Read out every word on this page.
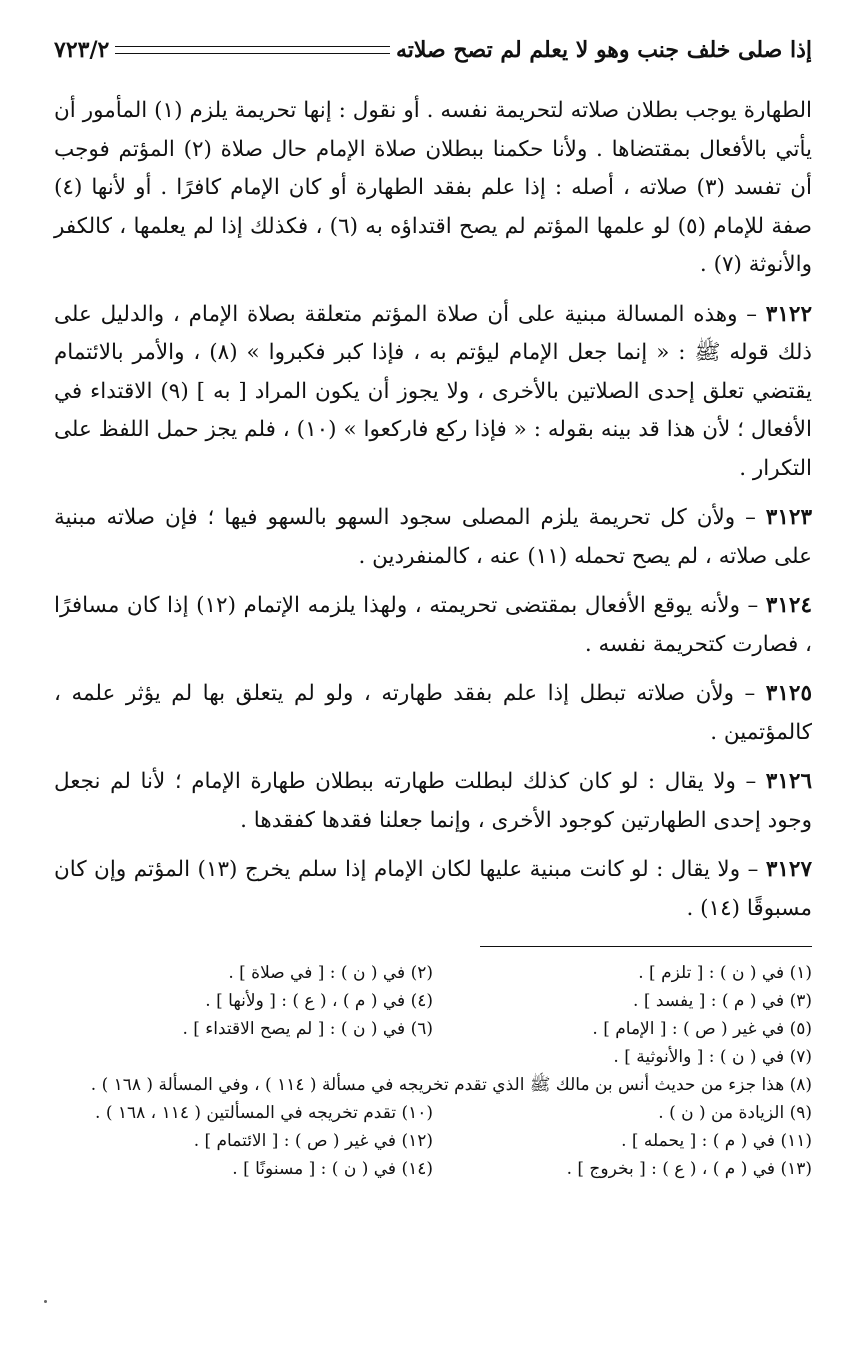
إذا صلى خلف جنب وهو لا يعلم لم تصح صلاته
٧٢٣/٢

الطهارة يوجب بطلان صلاته لتحريمة نفسه . أو نقول : إنها تحريمة يلزم (١) المأمور أن يأتي بالأفعال بمقتضاها . ولأنا حكمنا ببطلان صلاة الإمام حال صلاة (٢) المؤتم فوجب أن تفسد (٣) صلاته ، أصله : إذا علم بفقد الطهارة أو كان الإمام كافرًا . أو لأنها (٤) صفة للإمام (٥) لو علمها المؤتم لم يصح اقتداؤه به (٦) ، فكذلك إذا لم يعلمها ، كالكفر والأنوثة (٧) .

٣١٢٢ – وهذه المسالة مبنية على أن صلاة المؤتم متعلقة بصلاة الإمام ، والدليل على ذلك قوله ﷺ : « إنما جعل الإمام ليؤتم به ، فإذا كبر فكبروا » (٨) ، والأمر بالائتمام يقتضي تعلق إحدى الصلاتين بالأخرى ، ولا يجوز أن يكون المراد [ به ] (٩) الاقتداء في الأفعال ؛ لأن هذا قد بينه بقوله : « فإذا ركع فاركعوا » (١٠) ، فلم يجز حمل اللفظ على التكرار .

٣١٢٣ – ولأن كل تحريمة يلزم المصلى سجود السهو بالسهو فيها ؛ فإن صلاته مبنية على صلاته ، لم يصح تحمله (١١) عنه ، كالمنفردين .

٣١٢٤ – ولأنه يوقع الأفعال بمقتضى تحريمته ، ولهذا يلزمه الإتمام (١٢) إذا كان مسافرًا ، فصارت كتحريمة نفسه .

٣١٢٥ – ولأن صلاته تبطل إذا علم بفقد طهارته ، ولو لم يتعلق بها لم يؤثر علمه ، كالمؤتمين .

٣١٢٦ – ولا يقال : لو كان كذلك لبطلت طهارته ببطلان طهارة الإمام ؛ لأنا لم نجعل وجود إحدى الطهارتين كوجود الأخرى ، وإنما جعلنا فقدها كفقدها .

٣١٢٧ – ولا يقال : لو كانت مبنية عليها لكان الإمام إذا سلم يخرج (١٣) المؤتم وإن كان مسبوقًا (١٤) .

(١) في ( ن ) : [ تلزم ] .
(٢) في ( ن ) : [ في صلاة ] .
(٣) في ( م ) : [ يفسد ] .
(٤) في ( م ) ، ( ع ) : [ ولأنها ] .
(٥) في غير ( ص ) : [ الإمام ] .
(٦) في ( ن ) : [ لم يصح الاقتداء ] .
(٧) في ( ن ) : [ والأنوثية ] .
(٨) هذا جزء من حديث أنس بن مالك ﷺ الذي تقدم تخريجه في مسألة ( ١١٤ ) ، وفي المسألة ( ١٦٨ ) .
(٩) الزيادة من ( ن ) .
(١٠) تقدم تخريجه في المسألتين ( ١١٤ ، ١٦٨ ) .
(١١) في ( م ) : [ يحمله ] .
(١٢) في غير ( ص ) : [ الائتمام ] .
(١٣) في ( م ) ، ( ع ) : [ بخروج ] .
(١٤) في ( ن ) : [ مسنونًا ] .
